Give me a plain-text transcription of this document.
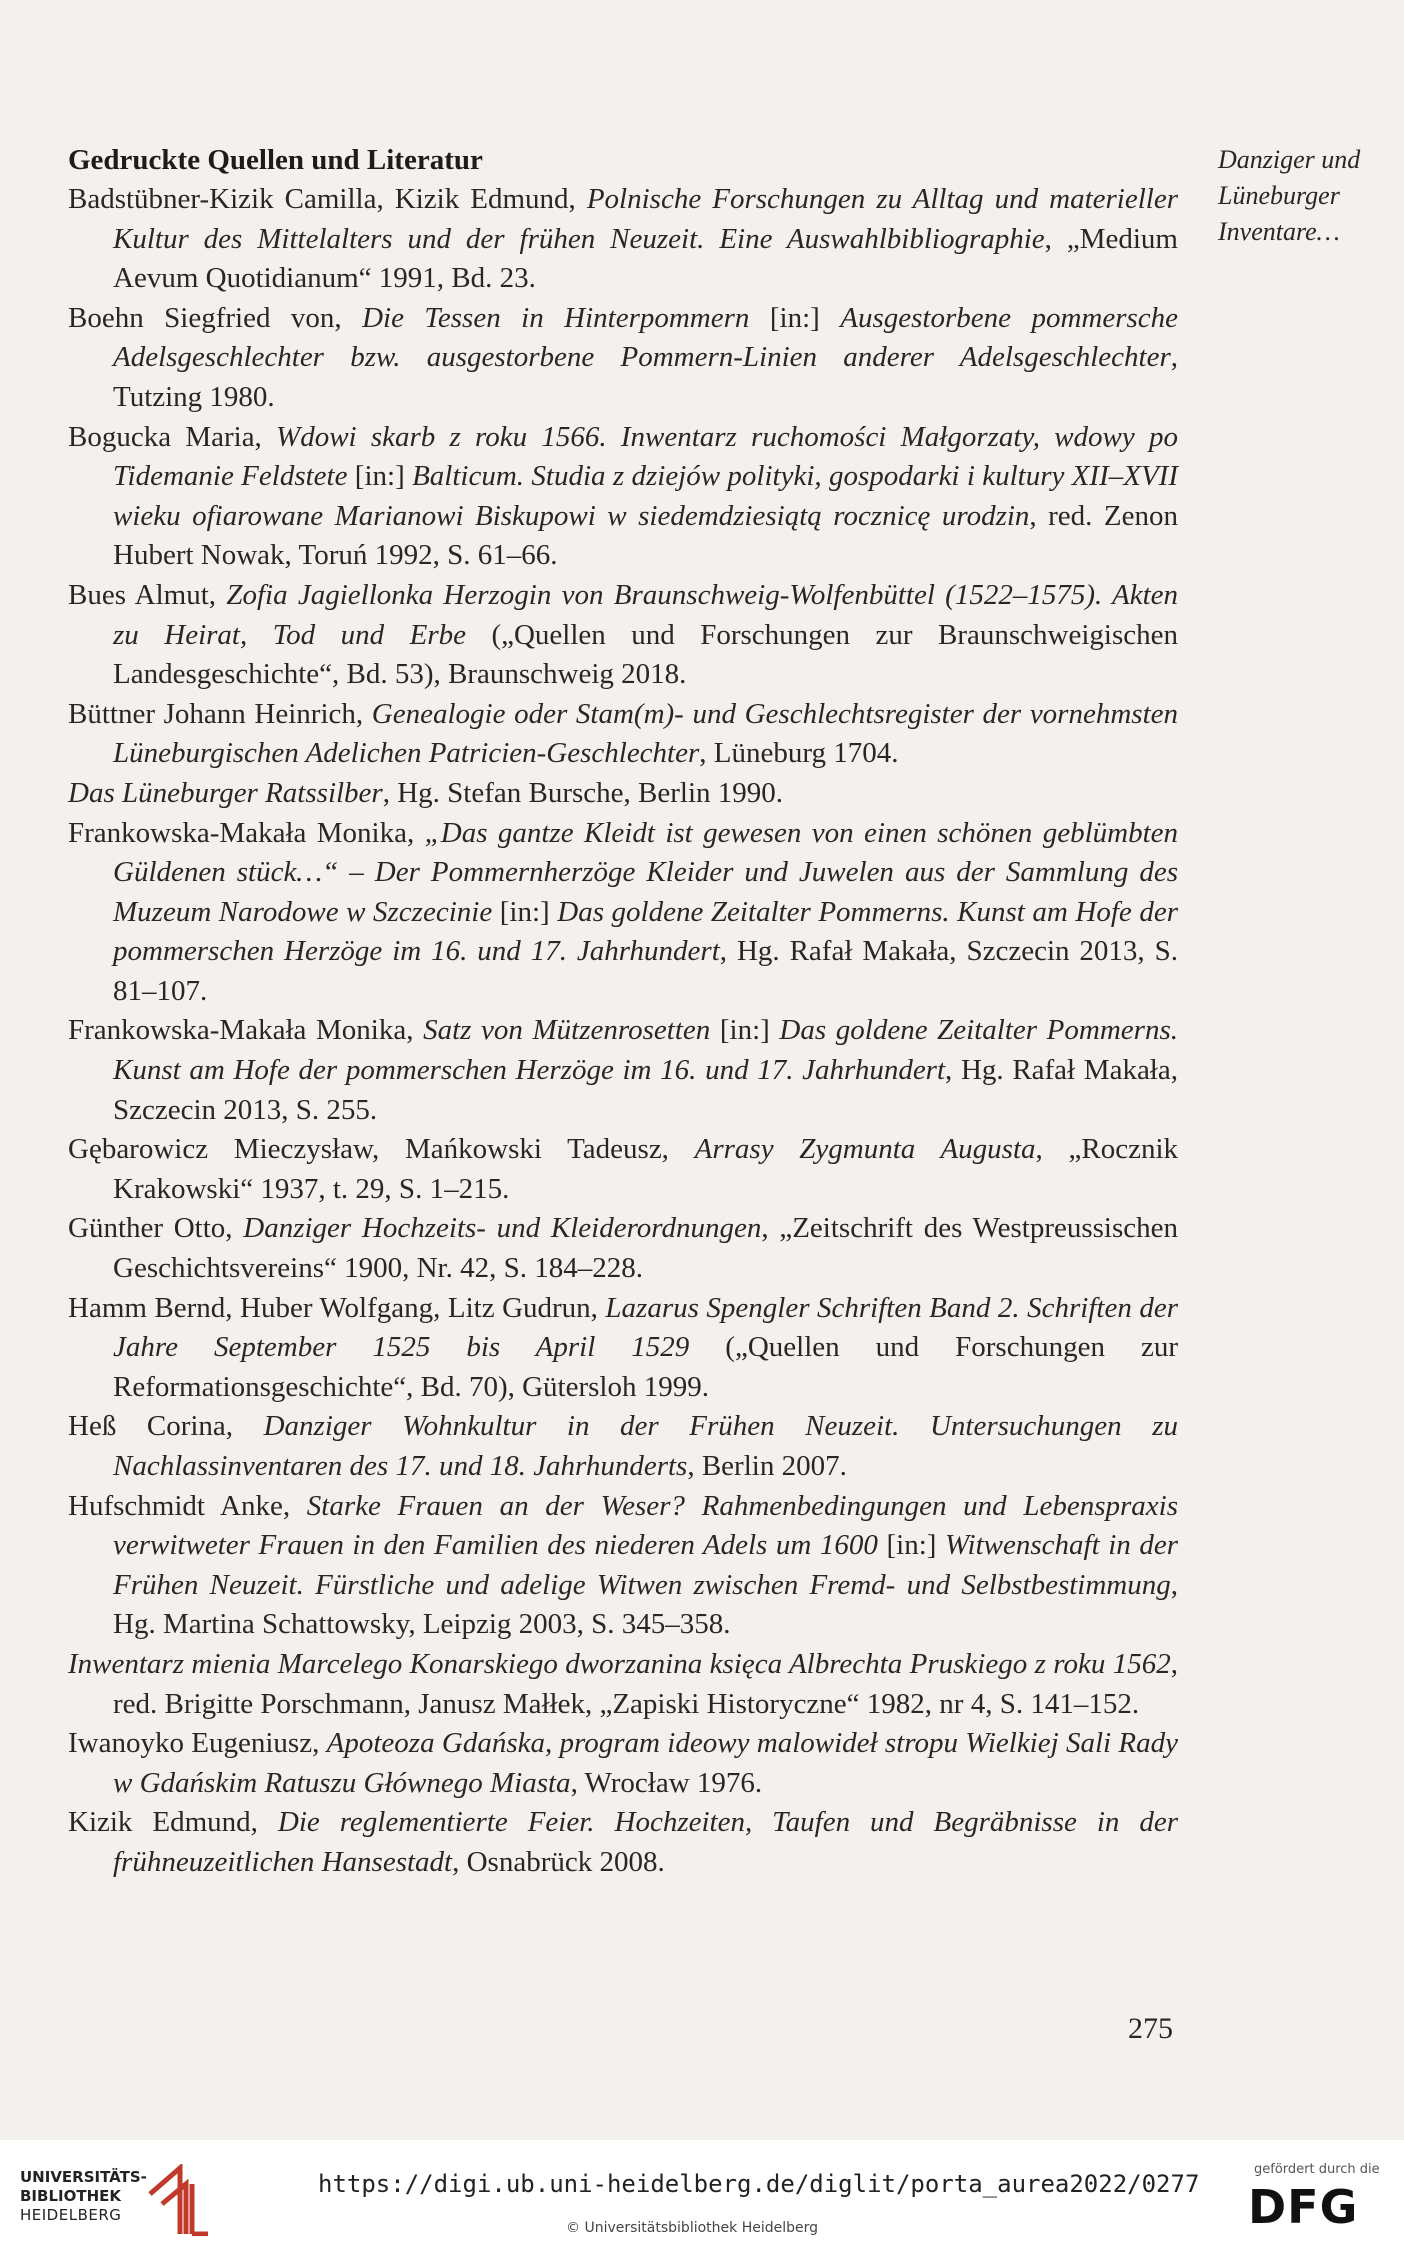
Danziger und
Lüneburger
Inventare…
Gedruckte Quellen und Literatur
Badstübner-Kizik Camilla, Kizik Edmund, Polnische Forschungen zu Alltag und materieller Kultur des Mittelalters und der frühen Neuzeit. Eine Auswahlbibliographie, „Medium Aevum Quotidianum“ 1991, Bd. 23.
Boehn Siegfried von, Die Tessen in Hinterpommern [in:] Ausgestorbene pommersche Adelsgeschlechter bzw. ausgestorbene Pommern-Linien anderer Adelsgeschlechter, Tutzing 1980.
Bogucka Maria, Wdowi skarb z roku 1566. Inwentarz ruchomości Małgorzaty, wdowy po Tidemanie Feldstete [in:] Balticum. Studia z dziejów polityki, gospodarki i kultury XII–XVII wieku ofiarowane Marianowi Biskupowi w siedemdziesiątą rocznicę urodzin, red. Zenon Hubert Nowak, Toruń 1992, S. 61–66.
Bues Almut, Zofia Jagiellonka Herzogin von Braunschweig-Wolfenbüttel (1522–1575). Akten zu Heirat, Tod und Erbe („Quellen und Forschungen zur Braunschweigischen Landesgeschichte“, Bd. 53), Braunschweig 2018.
Büttner Johann Heinrich, Genealogie oder Stam(m)- und Geschlechtsregister der vornehmsten Lüneburgischen Adelichen Patricien-Geschlechter, Lüneburg 1704.
Das Lüneburger Ratssilber, Hg. Stefan Bursche, Berlin 1990.
Frankowska-Makała Monika, „Das gantze Kleidt ist gewesen von einen schönen geblümbten Güldenen stück…“ – Der Pommernherzöge Kleider und Juwelen aus der Sammlung des Muzeum Narodowe w Szczecinie [in:] Das goldene Zeitalter Pommerns. Kunst am Hofe der pommerschen Herzöge im 16. und 17. Jahrhundert, Hg. Rafał Makała, Szczecin 2013, S. 81–107.
Frankowska-Makała Monika, Satz von Mützenrosetten [in:] Das goldene Zeitalter Pommerns. Kunst am Hofe der pommerschen Herzöge im 16. und 17. Jahrhundert, Hg. Rafał Makała, Szczecin 2013, S. 255.
Gębarowicz Mieczysław, Mańkowski Tadeusz, Arrasy Zygmunta Augusta, „Rocznik Krakowski“ 1937, t. 29, S. 1–215.
Günther Otto, Danziger Hochzeits- und Kleiderordnungen, „Zeitschrift des Westpreussischen Geschichtsvereins“ 1900, Nr. 42, S. 184–228.
Hamm Bernd, Huber Wolfgang, Litz Gudrun, Lazarus Spengler Schriften Band 2. Schriften der Jahre September 1525 bis April 1529 („Quellen und Forschungen zur Reformationsgeschichte“, Bd. 70), Gütersloh 1999.
Heß Corina, Danziger Wohnkultur in der Frühen Neuzeit. Untersuchungen zu Nachlassinventaren des 17. und 18. Jahrhunderts, Berlin 2007.
Hufschmidt Anke, Starke Frauen an der Weser? Rahmenbedingungen und Lebenspraxis verwitweter Frauen in den Familien des niederen Adels um 1600 [in:] Witwenschaft in der Frühen Neuzeit. Fürstliche und adelige Witwen zwischen Fremd- und Selbstbestimmung, Hg. Martina Schattowsky, Leipzig 2003, S. 345–358.
Inwentarz mienia Marcelego Konarskiego dworzanina księca Albrechta Pruskiego z roku 1562, red. Brigitte Porschmann, Janusz Małłek, „Zapiski Historyczne“ 1982, nr 4, S. 141–152.
Iwanoyko Eugeniusz, Apoteoza Gdańska, program ideowy malowideł stropu Wielkiej Sali Rady w Gdańskim Ratuszu Głównego Miasta, Wrocław 1976.
Kizik Edmund, Die reglementierte Feier. Hochzeiten, Taufen und Begräbnisse in der frühneuzeitlichen Hansestadt, Osnabrück 2008.
275
UNIVERSITÄTS-
BIBLIOTHEK
HEIDELBERG
https://digi.ub.uni-heidelberg.de/diglit/porta_aurea2022/0277
© Universitätsbibliothek Heidelberg
gefördert durch die
DFG
